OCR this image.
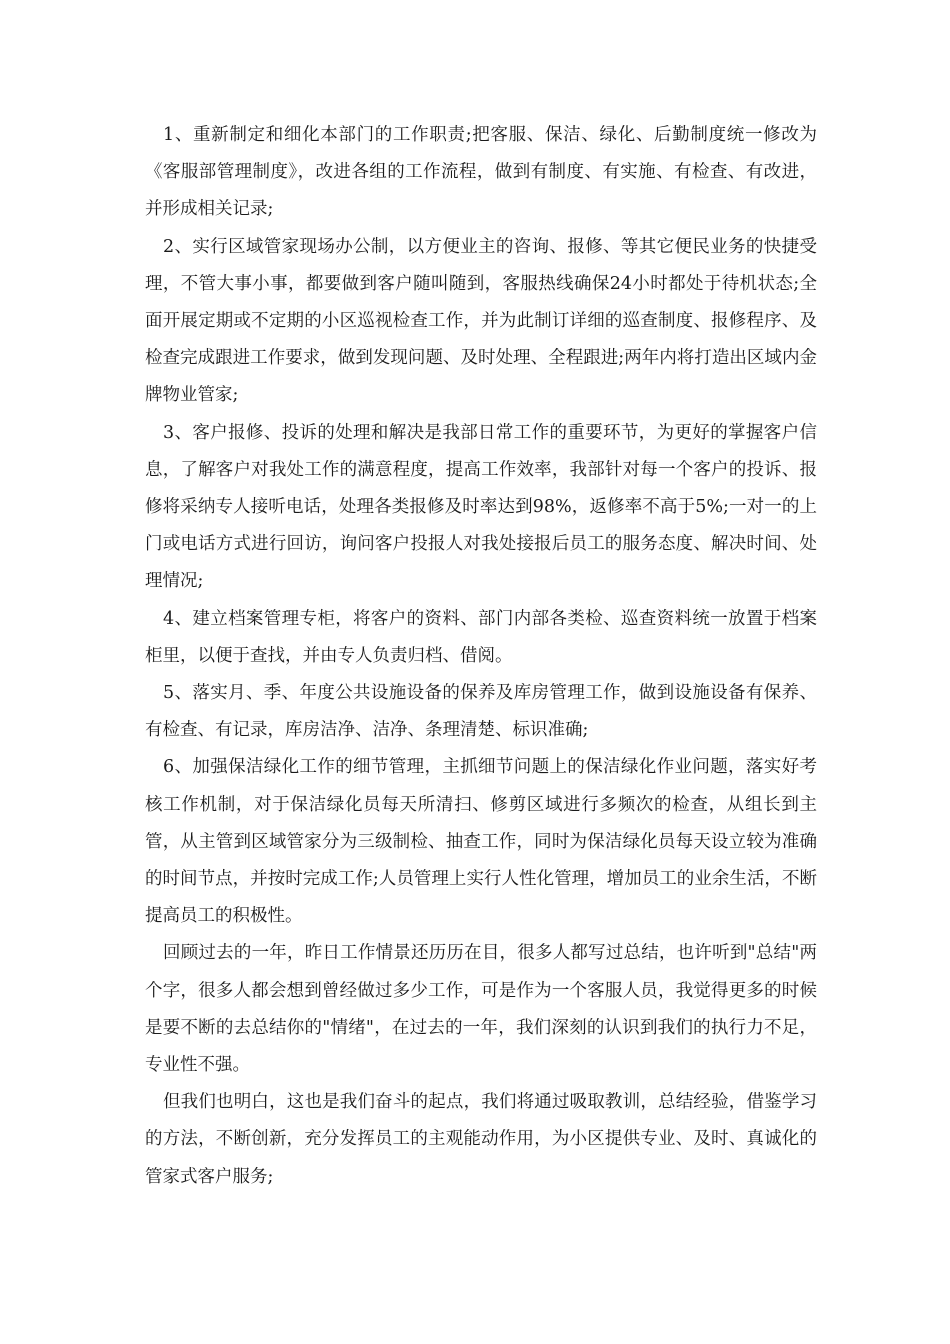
1、重新制定和细化本部门的工作职责;把客服、保洁、绿化、后勤制度统一修改为《客服部管理制度》，改进各组的工作流程，做到有制度、有实施、有检查、有改进，并形成相关记录;

2、实行区域管家现场办公制，以方便业主的咨询、报修、等其它便民业务的快捷受理，不管大事小事，都要做到客户随叫随到，客服热线确保24小时都处于待机状态;全面开展定期或不定期的小区巡视检查工作，并为此制订详细的巡查制度、报修程序、及检查完成跟进工作要求，做到发现问题、及时处理、全程跟进;两年内将打造出区域内金牌物业管家;

3、客户报修、投诉的处理和解决是我部日常工作的重要环节，为更好的掌握客户信息，了解客户对我处工作的满意程度，提高工作效率，我部针对每一个客户的投诉、报修将采纳专人接听电话，处理各类报修及时率达到98%，返修率不高于5%;一对一的上门或电话方式进行回访，询问客户投报人对我处接报后员工的服务态度、解决时间、处理情况;

4、建立档案管理专柜，将客户的资料、部门内部各类检、巡查资料统一放置于档案柜里，以便于查找，并由专人负责归档、借阅。

5、落实月、季、年度公共设施设备的保养及库房管理工作，做到设施设备有保养、有检查、有记录，库房洁净、洁净、条理清楚、标识准确;

6、加强保洁绿化工作的细节管理，主抓细节问题上的保洁绿化作业问题，落实好考核工作机制，对于保洁绿化员每天所清扫、修剪区域进行多频次的检查，从组长到主管，从主管到区域管家分为三级制检、抽查工作，同时为保洁绿化员每天设立较为准确的时间节点，并按时完成工作;人员管理上实行人性化管理，增加员工的业余生活，不断提高员工的积极性。

回顾过去的一年，昨日工作情景还历历在目，很多人都写过总结，也许听到"总结"两个字，很多人都会想到曾经做过多少工作，可是作为一个客服人员，我觉得更多的时候是要不断的去总结你的"情绪"，在过去的一年，我们深刻的认识到我们的执行力不足，专业性不强。

但我们也明白，这也是我们奋斗的起点，我们将通过吸取教训，总结经验，借鉴学习的方法，不断创新，充分发挥员工的主观能动作用，为小区提供专业、及时、真诚化的管家式客户服务;
